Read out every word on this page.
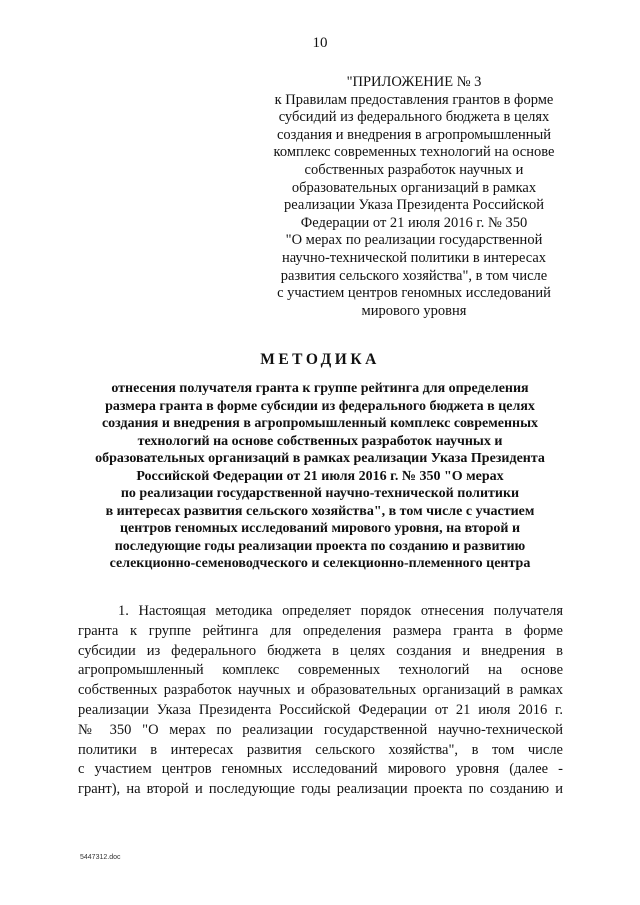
10
"ПРИЛОЖЕНИЕ № 3
к Правилам предоставления грантов в форме
субсидий из федерального бюджета в целях
создания и внедрения в агропромышленный
комплекс современных технологий на основе
собственных разработок научных и
образовательных организаций в рамках
реализации Указа Президента Российской
Федерации от 21 июля 2016 г. № 350
"О мерах по реализации государственной
научно-технической политики в интересах
развития сельского хозяйства", в том числе
с участием центров геномных исследований
мирового уровня
МЕТОДИКА
отнесения получателя гранта к группе рейтинга для определения
размера гранта в форме субсидии из федерального бюджета в целях
создания и внедрения в агропромышленный комплекс современных
технологий на основе собственных разработок научных и
образовательных организаций в рамках реализации Указа Президента
Российской Федерации от 21 июля 2016 г. № 350 "О мерах
по реализации государственной научно-технической политики
в интересах развития сельского хозяйства", в том числе с участием
центров геномных исследований мирового уровня, на второй и
последующие годы реализации проекта по созданию и развитию
селекционно-семеноводческого и селекционно-племенного центра
1. Настоящая методика определяет порядок отнесения получателя
гранта к группе рейтинга для определения размера гранта в форме
субсидии из федерального бюджета в целях создания и внедрения в
агропромышленный комплекс современных технологий на основе
собственных разработок научных и образовательных организаций в рамках
реализации Указа Президента Российской Федерации от 21 июля 2016 г.
№ 350 "О мерах по реализации государственной научно-технической
политики в интересах развития сельского хозяйства", в том числе
с участием центров геномных исследований мирового уровня (далее -
грант), на второй и последующие годы реализации проекта по созданию и
5447312.doc
